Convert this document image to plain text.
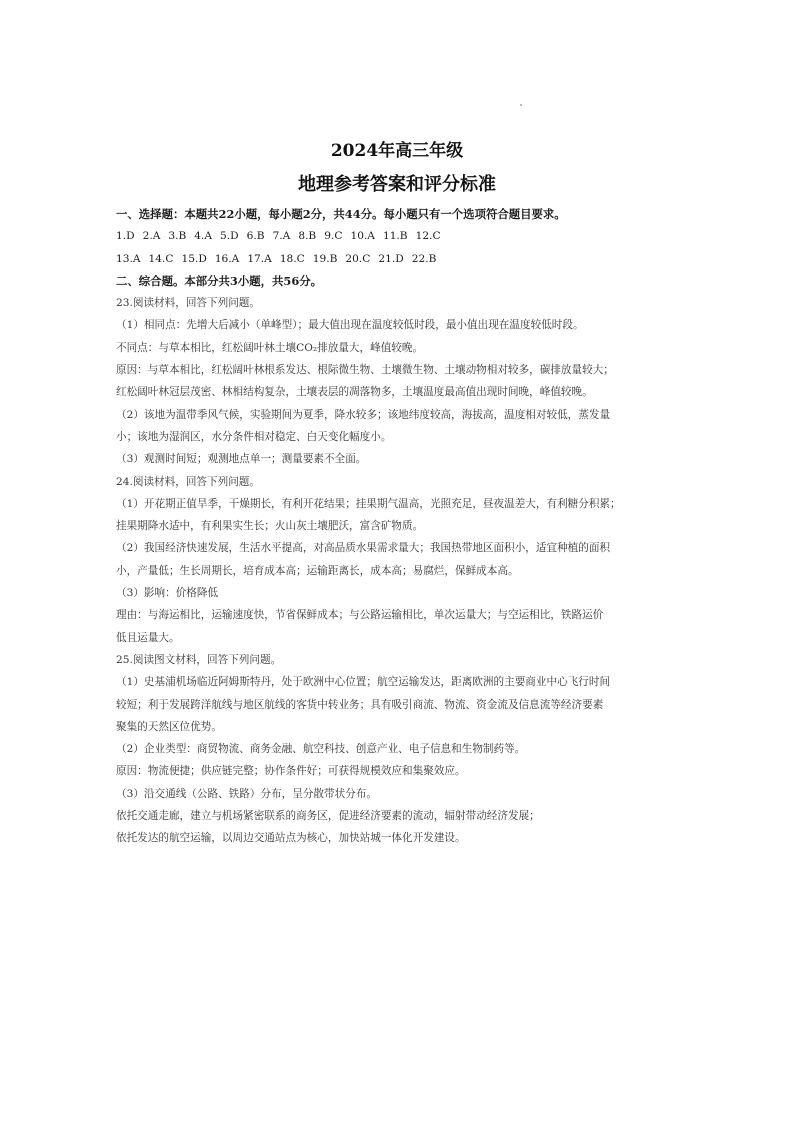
2024年高三年级
地理参考答案和评分标准
一、选择题：本题共22小题，每小题2分，共44分。每小题只有一个选项符合题目要求。
1.D 2.A 3.B 4.A 5.D 6.B 7.A 8.B 9.C 10.A 11.B 12.C
13.A 14.C 15.D 16.A 17.A 18.C 19.B 20.C 21.D 22.B
二、综合题。本部分共3小题，共56分。
23.阅读材料，回答下列问题。
（1）相同点：先增大后减小（单峰型）；最大值出现在温度较低时段，最小值出现在温度较低时段。
不同点：与草本相比，红松阔叶林土壤CO₂排放量大，峰值较晚。
原因：与草本相比，红松阔叶林根系发达、根际微生物、土壤微生物、土壤动物相对较多，碳排放量较大；
红松阔叶林冠层茂密、林相结构复杂，土壤表层的凋落物多，土壤温度最高值出现时间晚，峰值较晚。
（2）该地为温带季风气候，实验期间为夏季，降水较多；该地纬度较高，海拔高，温度相对较低，蒸发量
小；该地为湿润区，水分条件相对稳定、白天变化幅度小。
（3）观测时间短；观测地点单一；测量要素不全面。
24.阅读材料，回答下列问题。
（1）开花期正值旱季，干燥期长，有利开花结果；挂果期气温高，光照充足，昼夜温差大，有利糖分积累；
挂果期降水适中，有利果实生长；火山灰土壤肥沃，富含矿物质。
（2）我国经济快速发展，生活水平提高，对高品质水果需求量大；我国热带地区面积小，适宜种植的面积
小，产量低；生长周期长，培育成本高；运输距离长，成本高；易腐烂，保鲜成本高。
（3）影响：价格降低
理由：与海运相比，运输速度快，节省保鲜成本；与公路运输相比，单次运量大；与空运相比，铁路运价
低且运量大。
25.阅读图文材料，回答下列问题。
（1）史基浦机场临近阿姆斯特丹，处于欧洲中心位置；航空运输发达，距离欧洲的主要商业中心飞行时间
较短；利于发展跨洋航线与地区航线的客货中转业务；具有吸引商流、物流、资金流及信息流等经济要素
聚集的天然区位优势。
（2）企业类型：商贸物流、商务金融、航空科技、创意产业、电子信息和生物制药等。
原因：物流便捷；供应链完整；协作条件好；可获得规模效应和集聚效应。
（3）沿交通线（公路、铁路）分布，呈分散带状分布。
依托交通走廊，建立与机场紧密联系的商务区，促进经济要素的流动，辐射带动经济发展；
依托发达的航空运输，以周边交通站点为核心，加快站城一体化开发建设。
